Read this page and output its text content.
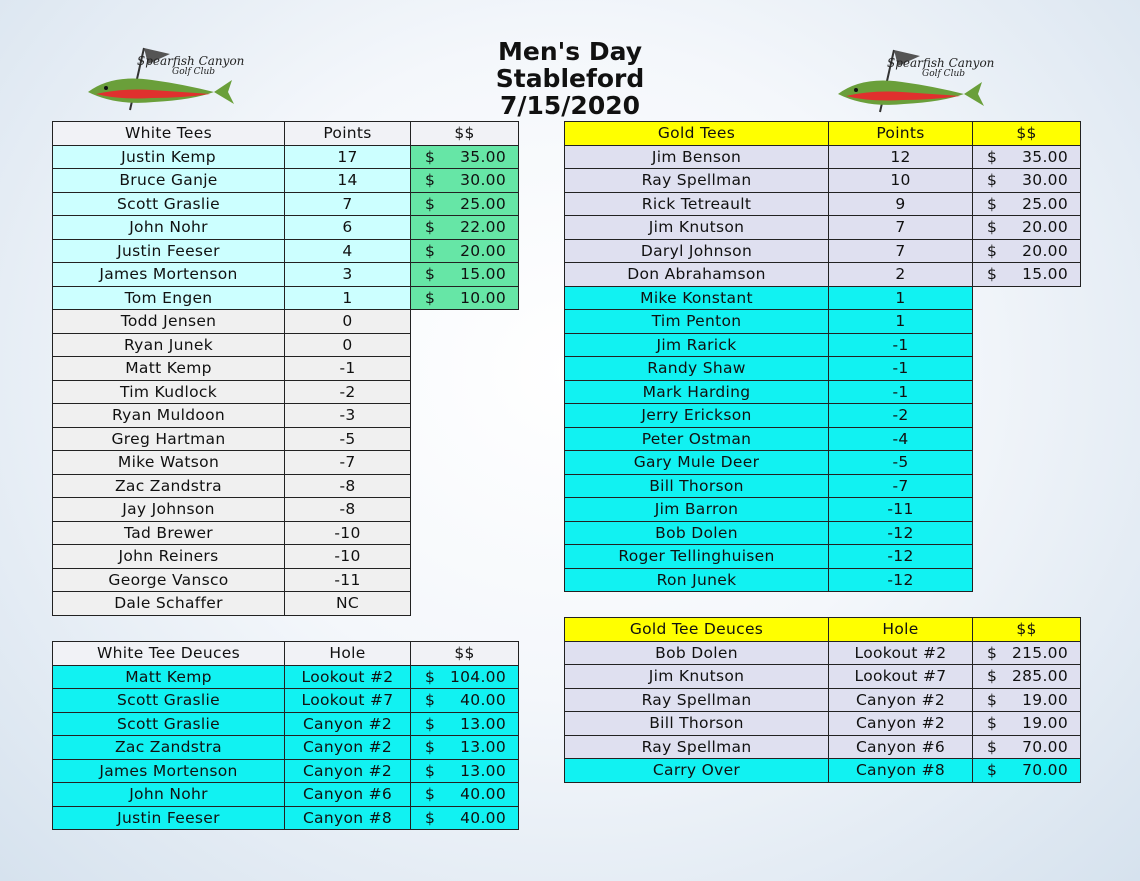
Men's Day
Stableford
7/15/2020
Spearfish Canyon
Golf Club
Spearfish Canyon
Golf Club
White Tees	Points	$$
Justin Kemp	17	$ 35.00

Bruce Ganje	14	$ 30.00

Scott Graslie	7	$ 25.00

John Nohr	6	$ 22.00

Justin Feeser	4	$ 20.00

James Mortenson	3	$ 15.00

Tom Engen	1	$ 10.00

Todd Jensen	0	
Ryan Junek	0	
Matt Kemp	-1	
Tim Kudlock	-2	
Ryan Muldoon	-3	
Greg Hartman	-5	
Mike Watson	-7	
Zac Zandstra	-8	
Jay Johnson	-8	
Tad Brewer	-10	
John Reiners	-10	
George Vansco	-11	
Dale Schaffer	NC	
Gold Tees	Points	$$
Jim Benson	12	$ 35.00

Ray Spellman	10	$ 30.00

Rick Tetreault	9	$ 25.00

Jim Knutson	7	$ 20.00

Daryl Johnson	7	$ 20.00

Don Abrahamson	2	$ 15.00

Mike Konstant	1	
Tim Penton	1	
Jim Rarick	-1	
Randy Shaw	-1	
Mark Harding	-1	
Jerry Erickson	-2	
Peter Ostman	-4	
Gary Mule Deer	-5	
Bill Thorson	-7	
Jim Barron	-11	
Bob Dolen	-12	
Roger Tellinghuisen	-12	
Ron Junek	-12	
White Tee Deuces	Hole	$$
Matt Kemp	Lookout #2	$ 104.00

Scott Graslie	Lookout #7	$ 40.00

Scott Graslie	Canyon #2	$ 13.00

Zac Zandstra	Canyon #2	$ 13.00

James Mortenson	Canyon #2	$ 13.00

John Nohr	Canyon #6	$ 40.00

Justin Feeser	Canyon #8	$ 40.00
Gold Tee Deuces	Hole	$$
Bob Dolen	Lookout #2	$ 215.00

Jim Knutson	Lookout #7	$ 285.00

Ray Spellman	Canyon #2	$ 19.00

Bill Thorson	Canyon #2	$ 19.00

Ray Spellman	Canyon #6	$ 70.00

Carry Over	Canyon #8	$ 70.00
